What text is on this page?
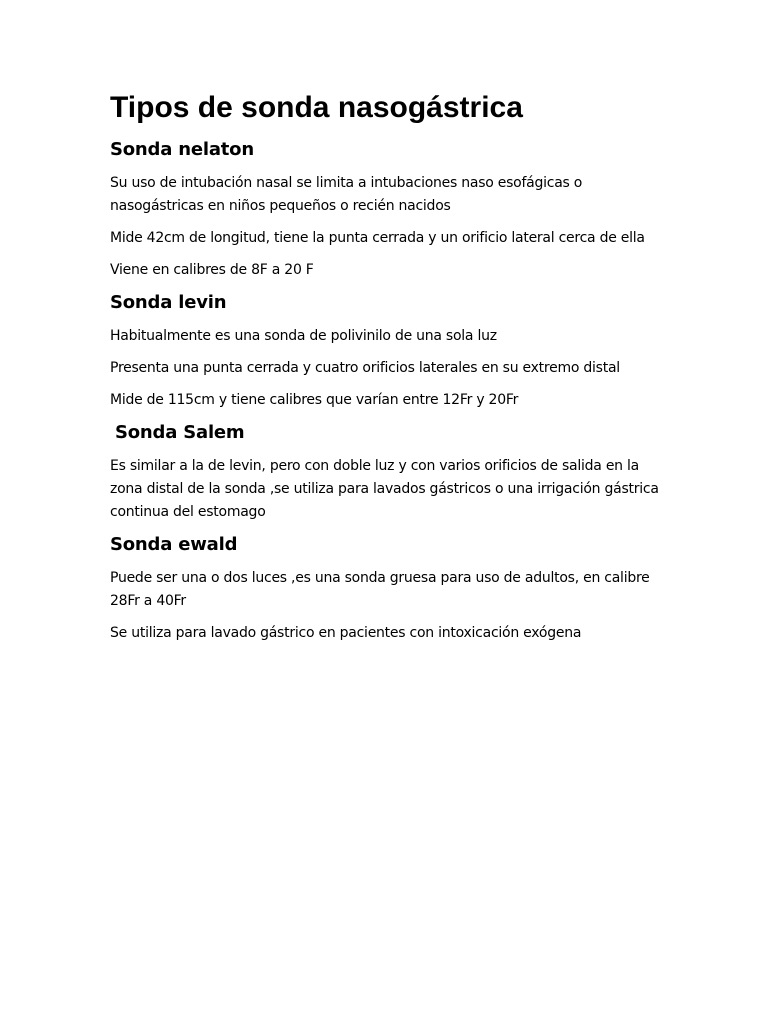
Tipos de sonda nasogástrica
Sonda nelaton

Su uso de intubación nasal se limita a intubaciones naso esofágicas o nasogástricas en niños pequeños o recién nacidos

Mide 42cm de longitud, tiene la punta cerrada y un orificio lateral cerca de ella

Viene en calibres de 8F a 20 F

Sonda levin

Habitualmente es una sonda de polivinilo de una sola luz

Presenta una punta cerrada y cuatro orificios laterales en su extremo distal

Mide de 115cm y tiene calibres que varían entre 12Fr y 20Fr

Sonda Salem

Es similar a la de levin, pero con doble luz y con varios orificios de salida en la zona distal de la sonda ,se utiliza para lavados gástricos o una irrigación gástrica continua del estomago

Sonda ewald

Puede ser una o dos luces ,es una sonda gruesa para uso de adultos, en calibre 28Fr a 40Fr

Se utiliza para lavado gástrico en pacientes con intoxicación exógena
